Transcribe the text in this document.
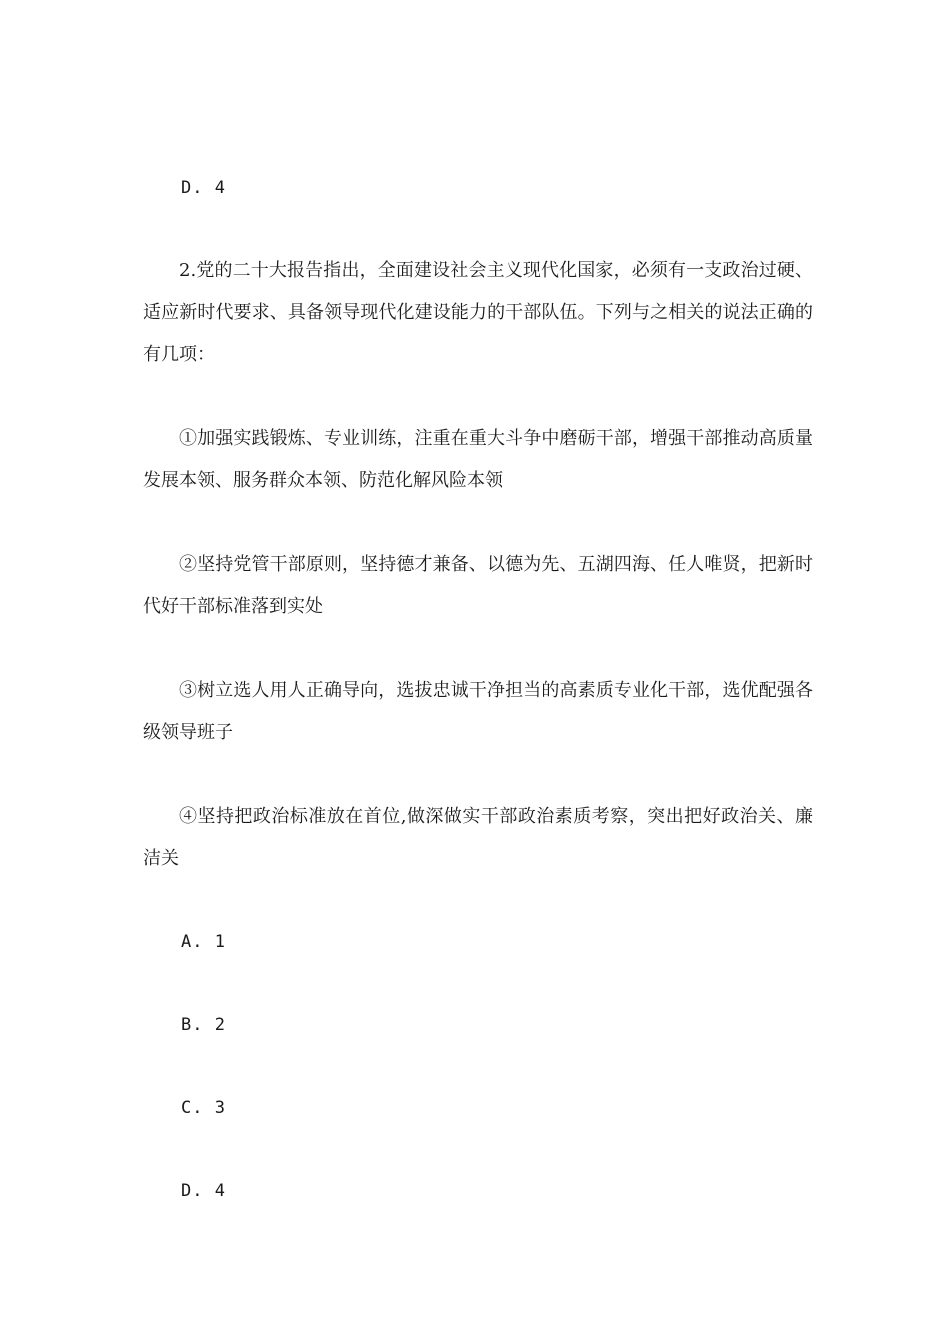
D. 4

2.党的二十大报告指出，全面建设社会主义现代化国家，必须有一支政治过硬、适应新时代要求、具备领导现代化建设能力的干部队伍。下列与之相关的说法正确的有几项：

①加强实践锻炼、专业训练，注重在重大斗争中磨砺干部，增强干部推动高质量发展本领、服务群众本领、防范化解风险本领

②坚持党管干部原则，坚持德才兼备、以德为先、五湖四海、任人唯贤，把新时代好干部标准落到实处

③树立选人用人正确导向，选拔忠诚干净担当的高素质专业化干部，选优配强各级领导班子

④坚持把政治标准放在首位,做深做实干部政治素质考察，突出把好政治关、廉洁关

A. 1
B. 2
C. 3
D. 4
